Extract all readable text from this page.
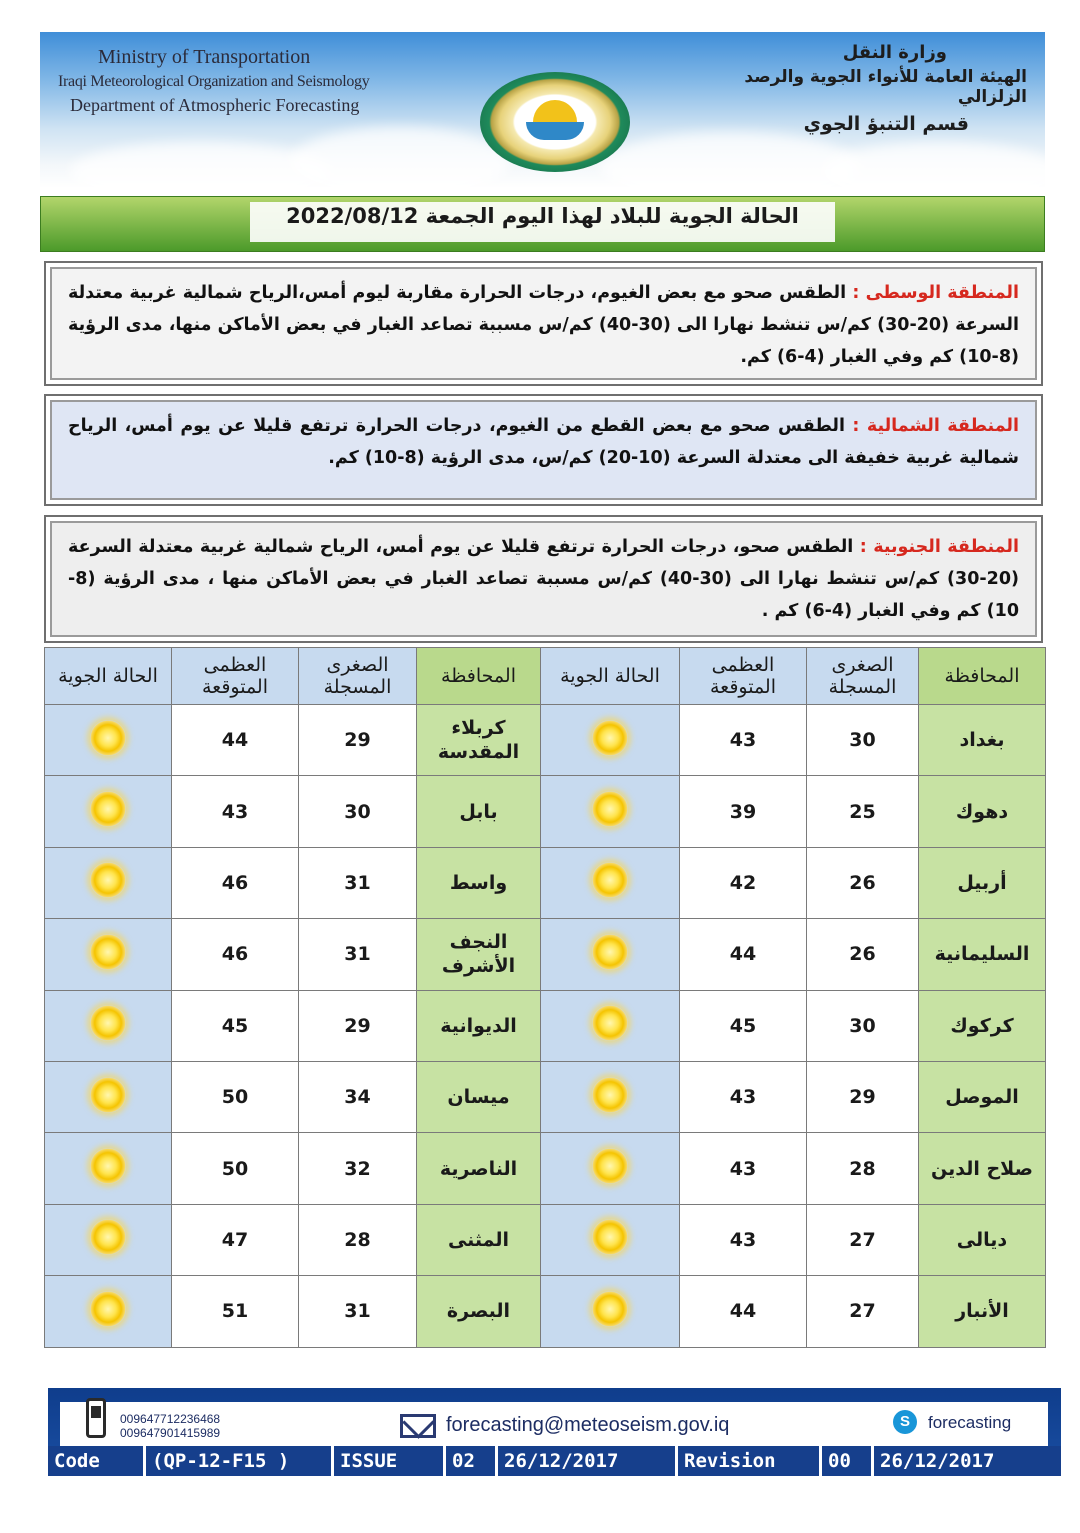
Ministry of Transportation
Iraqi Meteorological Organization and Seismology
Department of Atmospheric Forecasting
وزارة النقل
الهيئة العامة للأنواء الجوية والرصد الزلزالي
قسم التنبؤ الجوي
الحالة الجوية للبلاد لهذا اليوم الجمعة 2022/08/12
المنطقة الوسطى : الطقس صحو مع بعض الغيوم، درجات الحرارة مقاربة ليوم أمس،الرياح شمالية غربية معتدلة السرعة (20-30) كم/س تنشط نهارا الى (30-40) كم/س مسببة تصاعد الغبار في بعض الأماكن منها، مدى الرؤية (8-10) كم وفي الغبار (4-6) كم.
المنطقة الشمالية : الطقس صحو مع بعض القطع من الغيوم، درجات الحرارة ترتفع قليلا عن يوم أمس، الرياح شمالية غربية خفيفة الى معتدلة السرعة (10-20) كم/س، مدى الرؤية (8-10) كم.
المنطقة الجنوبية : الطقس صحو، درجات الحرارة ترتفع قليلا عن يوم أمس، الرياح شمالية غربية معتدلة السرعة (20-30) كم/س تنشط نهارا الى (30-40) كم/س مسببة تصاعد الغبار في بعض الأماكن منها ، مدى الرؤية (8-10) كم وفي الغبار (4-6) كم .
المحافظة	الصغرى المسجلة	العظمى المتوقعة	الحالة الجوية	المحافظة	الصغرى المسجلة	العظمى المتوقعة	الحالة الجوية
بغداد	30	43		كربلاء المقدسة	29	44	
دهوك	25	39		بابل	30	43	
أربيل	26	42		واسط	31	46	
السليمانية	26	44		النجف الأشرف	31	46	
كركوك	30	45		الديوانية	29	45	
الموصل	29	43		ميسان	34	50	
صلاح الدين	28	43		الناصرية	32	50	
ديالى	27	43		المثنى	28	47	
الأنبار	27	44		البصرة	31	51	
009647712236468
009647901415989	forecasting@meteoseism.gov.iq	S	forecasting
Code	(QP-12-F15 )	ISSUE	02	26/12/2017	Revision	00	26/12/2017
